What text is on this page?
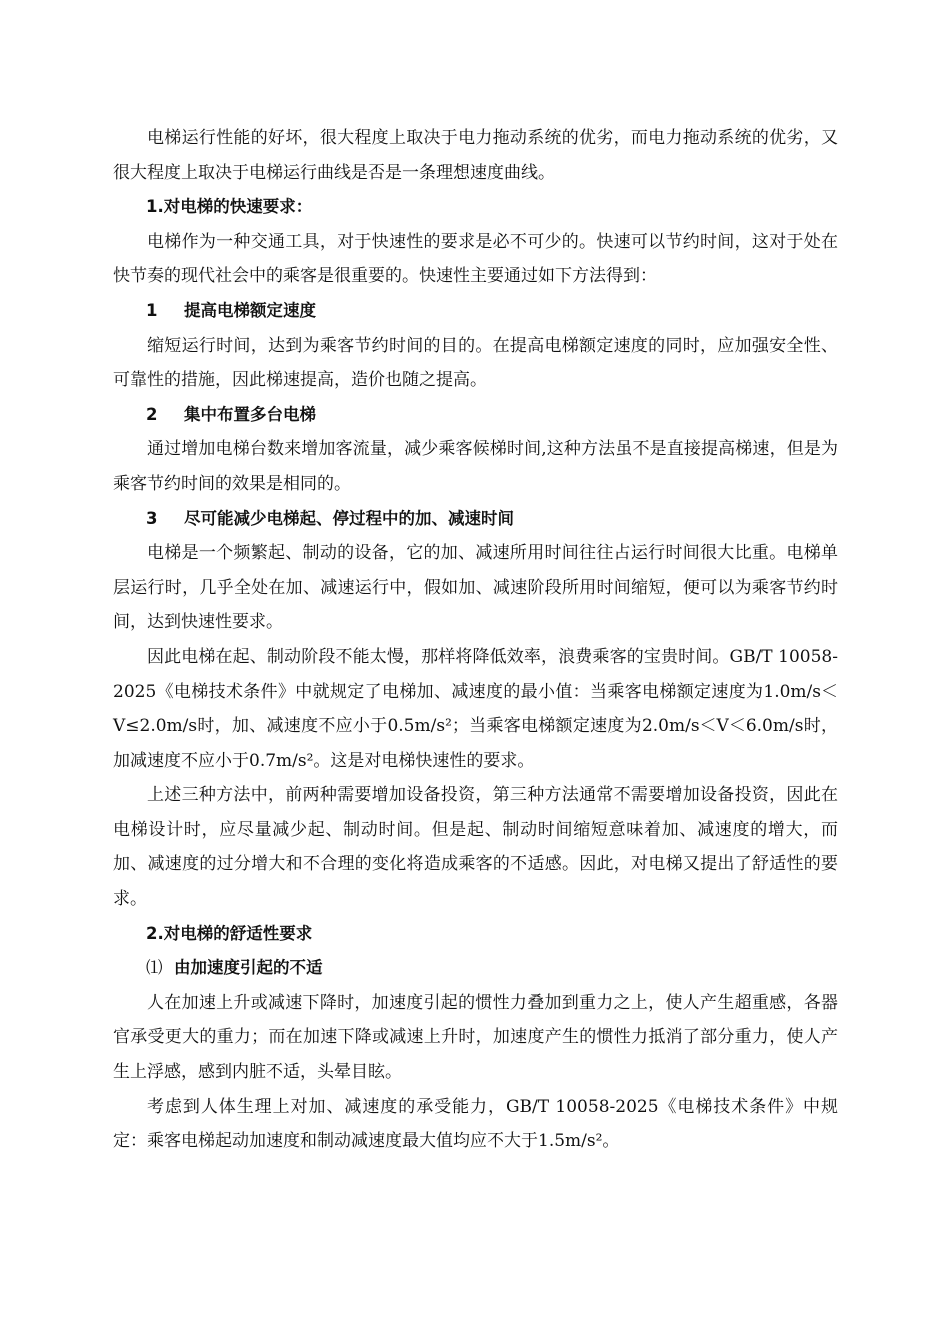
电梯运行性能的好坏，很大程度上取决于电力拖动系统的优劣，而电力拖动系统的优劣，又很大程度上取决于电梯运行曲线是否是一条理想速度曲线。

1.对电梯的快速要求：

电梯作为一种交通工具，对于快速性的要求是必不可少的。快速可以节约时间，这对于处在快节奏的现代社会中的乘客是很重要的。快速性主要通过如下方法得到：

1 提高电梯额定速度

缩短运行时间，达到为乘客节约时间的目的。在提高电梯额定速度的同时，应加强安全性、可靠性的措施，因此梯速提高，造价也随之提高。

2 集中布置多台电梯

通过增加电梯台数来增加客流量，减少乘客候梯时间,这种方法虽不是直接提高梯速，但是为乘客节约时间的效果是相同的。

3 尽可能减少电梯起、停过程中的加、减速时间

电梯是一个频繁起、制动的设备，它的加、减速所用时间往往占运行时间很大比重。电梯单层运行时，几乎全处在加、减速运行中，假如加、减速阶段所用时间缩短，便可以为乘客节约时间，达到快速性要求。

因此电梯在起、制动阶段不能太慢，那样将降低效率，浪费乘客的宝贵时间。GB/T 10058-2025《电梯技术条件》中就规定了电梯加、减速度的最小值：当乘客电梯额定速度为1.0m/s＜V≤2.0m/s时，加、减速度不应小于0.5m/s²；当乘客电梯额定速度为2.0m/s＜V＜6.0m/s时，加减速度不应小于0.7m/s²。这是对电梯快速性的要求。

上述三种方法中，前两种需要增加设备投资，第三种方法通常不需要增加设备投资，因此在电梯设计时，应尽量减少起、制动时间。但是起、制动时间缩短意味着加、减速度的增大，而加、减速度的过分增大和不合理的变化将造成乘客的不适感。因此，对电梯又提出了舒适性的要求。

2.对电梯的舒适性要求

⑴ 由加速度引起的不适

人在加速上升或减速下降时，加速度引起的惯性力叠加到重力之上，使人产生超重感，各器官承受更大的重力；而在加速下降或减速上升时，加速度产生的惯性力抵消了部分重力，使人产生上浮感，感到内脏不适，头晕目眩。

考虑到人体生理上对加、减速度的承受能力，GB/T 10058-2025《电梯技术条件》中规定：乘客电梯起动加速度和制动减速度最大值均应不大于1.5m/s²。
